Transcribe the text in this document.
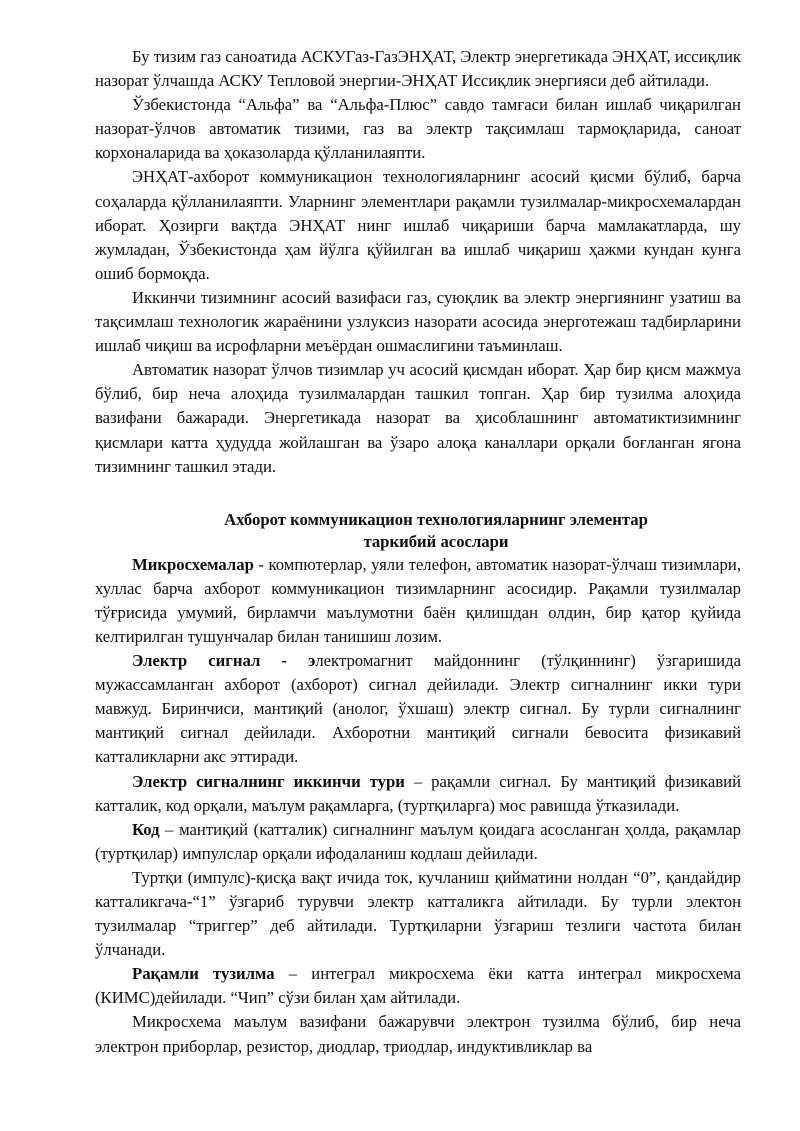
Бу тизим газ саноатида АСКУГаз-ГазЭНҲАТ, Электр энергетикада ЭНҲАТ, иссиқлик назорат ўлчашда АСКУ Тепловой энергии-ЭНҲАТ Иссиқлик энергияси деб айтилади.

Ўзбекистонда “Альфа” ва “Альфа-Плюс” савдо тамғаси билан ишлаб чиқарилган назорат-ўлчов автоматик тизими, газ ва электр тақсимлаш тармоқларида, саноат корхоналарида ва ҳоказоларда қўлланилаяпти.

ЭНҲАТ-ахборот коммуникацион технологияларнинг асосий қисми бўлиб, барча соҳаларда қўлланилаяпти. Уларнинг элементлари рақамли тузилмалар-микросхемалардан иборат. Ҳозирги вақтда ЭНҲАТ нинг ишлаб чиқариши барча мамлакатларда, шу жумладан, Ўзбекистонда ҳам йўлга қўйилган ва ишлаб чиқариш ҳажми кундан кунга ошиб бормоқда.

Иккинчи тизимнинг асосий вазифаси газ, суюқлик ва электр энергиянинг узатиш ва тақсимлаш технологик жараёнини узлуксиз назорати асосида энерготежаш тадбирларини ишлаб чиқиш ва исрофларни меъёрдан ошмаслигини таъминлаш.

Автоматик назорат ўлчов тизимлар уч асосий қисмдан иборат. Ҳар бир қисм мажмуа бўлиб, бир неча алоҳида тузилмалардан ташкил топган. Ҳар бир тузилма алоҳида вазифани бажаради. Энергетикада назорат ва ҳисоблашнинг автоматиктизимнинг қисмлари катта ҳудудда жойлашган ва ўзаро алоқа каналлари орқали боғланган ягона тизимнинг ташкил этади.

Ахборот коммуникацион технологияларнинг элементар
таркибий асослари

Микросхемалар - компютерлар, уяли телефон, автоматик назорат-ўлчаш тизимлари, хуллас барча ахборот коммуникацион тизимларнинг асосидир. Рақамли тузилмалар тўғрисида умумий, бирламчи маълумотни баён қилишдан олдин, бир қатор қуйида келтирилган тушунчалар билан танишиш лозим.

Электр сигнал - электромагнит майдоннинг (тўлқиннинг) ўзгаришида мужассамланган ахборот (ахборот) сигнал дейилади. Электр сигналнинг икки тури мавжуд. Биринчиси, мантиқий (анолог, ўхшаш) электр сигнал. Бу турли сигналнинг мантиқий сигнал дейилади. Ахборотни мантиқий сигнали бевосита физикавий катталикларни акс эттиради.

Электр сигналнинг иккинчи тури – рақамли сигнал. Бу мантиқий физикавий катталик, код орқали, маълум рақамларга, (туртқиларга) мос равишда ўтказилади.

Код – мантиқий (катталик) сигналнинг маълум қоидага асосланган ҳолда, рақамлар (туртқилар) импулслар орқали ифодаланиш кодлаш дейилади.

Туртқи (импулс)-қисқа вақт ичида ток, кучланиш қийматини нолдан “0”, қандайдир катталикгача-“1” ўзгариб турувчи электр катталикга айтилади. Бу турли электон тузилмалар “триггер” деб айтилади. Туртқиларни ўзгариш тезлиги частота билан ўлчанади.

Рақамли тузилма – интеграл микросхема ёки катта интеграл микросхема (КИМС)дейилади. “Чип” сўзи билан ҳам айтилади.

Микросхема маълум вазифани бажарувчи электрон тузилма бўлиб, бир неча электрон приборлар, резистор, диодлар, триодлар, индуктивликлар ва
